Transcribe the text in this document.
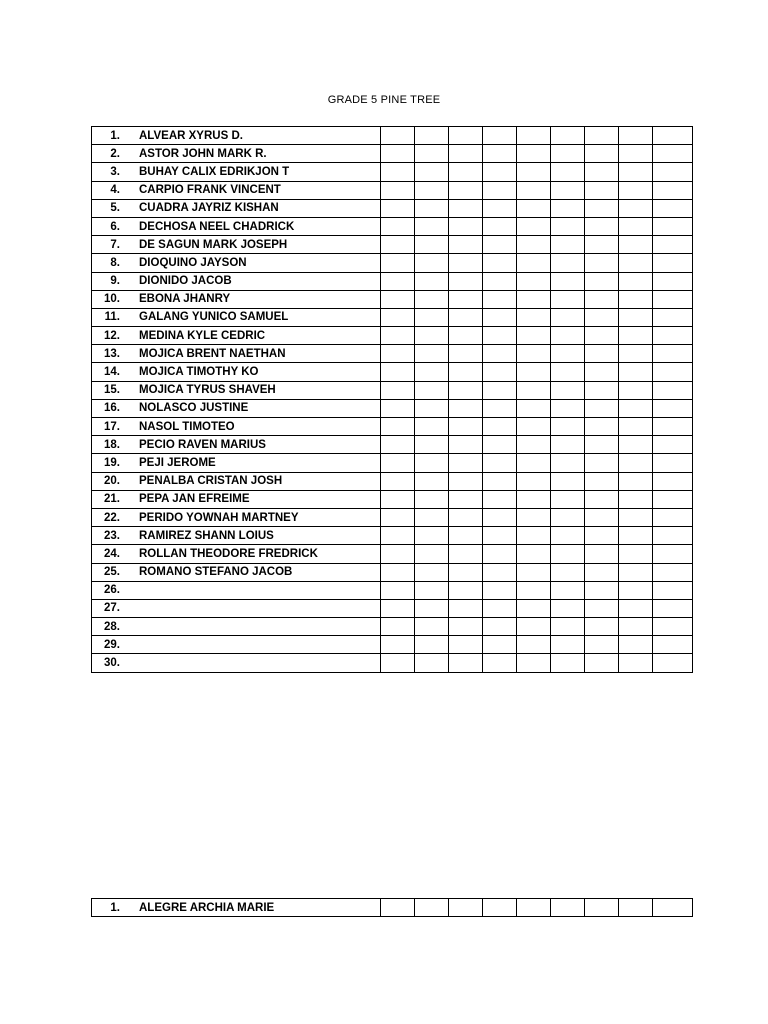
GRADE 5 PINE TREE
1. ALVEAR XYRUS D.									
2. ASTOR JOHN MARK R.									
3. BUHAY CALIX EDRIKJON T									
4. CARPIO FRANK VINCENT									
5. CUADRA JAYRIZ KISHAN									
6. DECHOSA NEEL CHADRICK									
7. DE SAGUN MARK JOSEPH									
8. DIOQUINO JAYSON									
9. DIONIDO JACOB									
10. EBONA JHANRY									
11. GALANG YUNICO SAMUEL									
12. MEDINA KYLE CEDRIC									
13. MOJICA BRENT NAETHAN									
14. MOJICA TIMOTHY KO									
15. MOJICA TYRUS SHAVEH									
16. NOLASCO JUSTINE									
17. NASOL TIMOTEO									
18. PECIO RAVEN MARIUS									
19. PEJI JEROME									
20. PENALBA CRISTAN JOSH									
21. PEPA JAN EFREIME									
22. PERIDO YOWNAH MARTNEY									
23. RAMIREZ SHANN LOIUS									
24. ROLLAN THEODORE FREDRICK									
25. ROMANO STEFANO JACOB									
26.									
27.									
28.									
29.									
30.									
1. ALEGRE ARCHIA MARIE									
